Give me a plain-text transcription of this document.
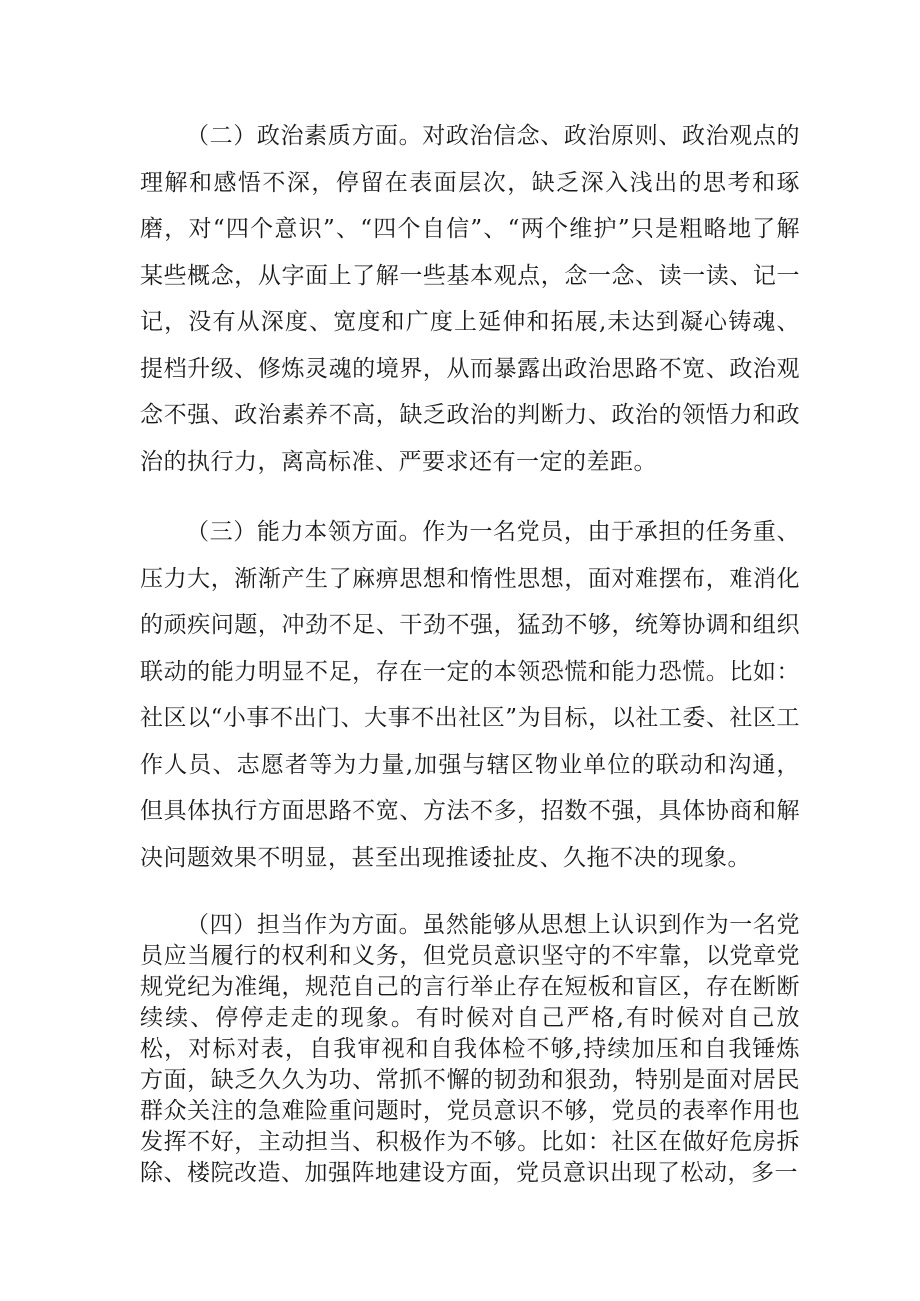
（二）政治素质方面。对政治信念、政治原则、政治观点的理解和感悟不深，停留在表面层次，缺乏深入浅出的思考和琢磨，对“四个意识”、“四个自信”、“两个维护”只是粗略地了解某些概念，从字面上了解一些基本观点，念一念、读一读、记一记，没有从深度、宽度和广度上延伸和拓展,未达到凝心铸魂、提档升级、修炼灵魂的境界，从而暴露出政治思路不宽、政治观念不强、政治素养不高，缺乏政治的判断力、政治的领悟力和政治的执行力，离高标准、严要求还有一定的差距。

（三）能力本领方面。作为一名党员，由于承担的任务重、压力大，渐渐产生了麻痹思想和惰性思想，面对难摆布，难消化的顽疾问题，冲劲不足、干劲不强，猛劲不够，统筹协调和组织联动的能力明显不足，存在一定的本领恐慌和能力恐慌。比如：社区以“小事不出门、大事不出社区”为目标，以社工委、社区工作人员、志愿者等为力量,加强与辖区物业单位的联动和沟通，但具体执行方面思路不宽、方法不多，招数不强，具体协商和解决问题效果不明显，甚至出现推诿扯皮、久拖不决的现象。

（四）担当作为方面。虽然能够从思想上认识到作为一名党员应当履行的权利和义务，但党员意识坚守的不牢靠，以党章党规党纪为准绳，规范自己的言行举止存在短板和盲区，存在断断续续、停停走走的现象。有时候对自己严格,有时候对自己放松，对标对表，自我审视和自我体检不够,持续加压和自我锤炼方面，缺乏久久为功、常抓不懈的韧劲和狠劲，特别是面对居民群众关注的急难险重问题时，党员意识不够，党员的表率作用也发挥不好，主动担当、积极作为不够。比如：社区在做好危房拆除、楼院改造、加强阵地建设方面，党员意识出现了松动，多一
